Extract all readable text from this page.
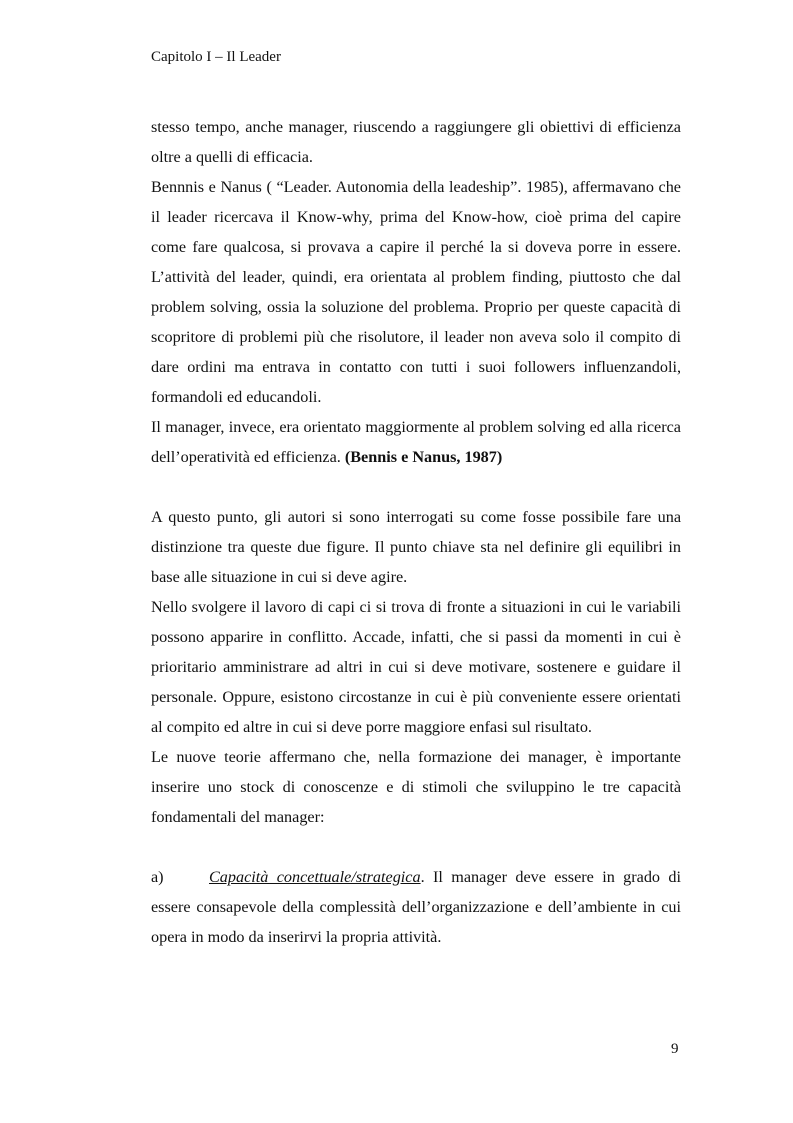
Capitolo I – Il Leader

stesso tempo, anche manager, riuscendo a raggiungere gli obiettivi di efficienza oltre a quelli di efficacia.

Bennnis e Nanus ( “Leader. Autonomia della leadeship”. 1985), affermavano che il leader ricercava il Know-why, prima del Know-how, cioè prima del capire come fare qualcosa, si provava a capire il perché la si doveva porre in essere. L’attività del leader, quindi, era orientata al problem finding, piuttosto che dal problem solving, ossia la soluzione del problema. Proprio per queste capacità di scopritore di problemi più che risolutore, il leader non aveva solo il compito di dare ordini ma entrava in contatto con tutti i suoi followers influenzandoli, formandoli ed educandoli.

Il manager, invece, era orientato maggiormente al problem solving ed alla ricerca dell’operatività ed efficienza. (Bennis e Nanus, 1987)

A questo punto, gli autori si sono interrogati su come fosse possibile fare una distinzione tra queste due figure. Il punto chiave sta nel definire gli equilibri in base alle situazione in cui si deve agire.

Nello svolgere il lavoro di capi ci si trova di fronte a situazioni in cui le variabili possono apparire in conflitto. Accade, infatti, che si passi da momenti in cui è prioritario amministrare ad altri in cui si deve motivare, sostenere e guidare il personale. Oppure, esistono circostanze in cui è più conveniente essere orientati al compito ed altre in cui si deve porre maggiore enfasi sul risultato.

Le nuove teorie affermano che, nella formazione dei manager, è importante inserire uno stock di conoscenze e di stimoli che sviluppino le tre capacità fondamentali del manager:

a)	Capacità concettuale/strategica. Il manager deve essere in grado di essere consapevole della complessità dell’organizzazione e dell’ambiente in cui opera in modo da inserirvi la propria attività.

9
